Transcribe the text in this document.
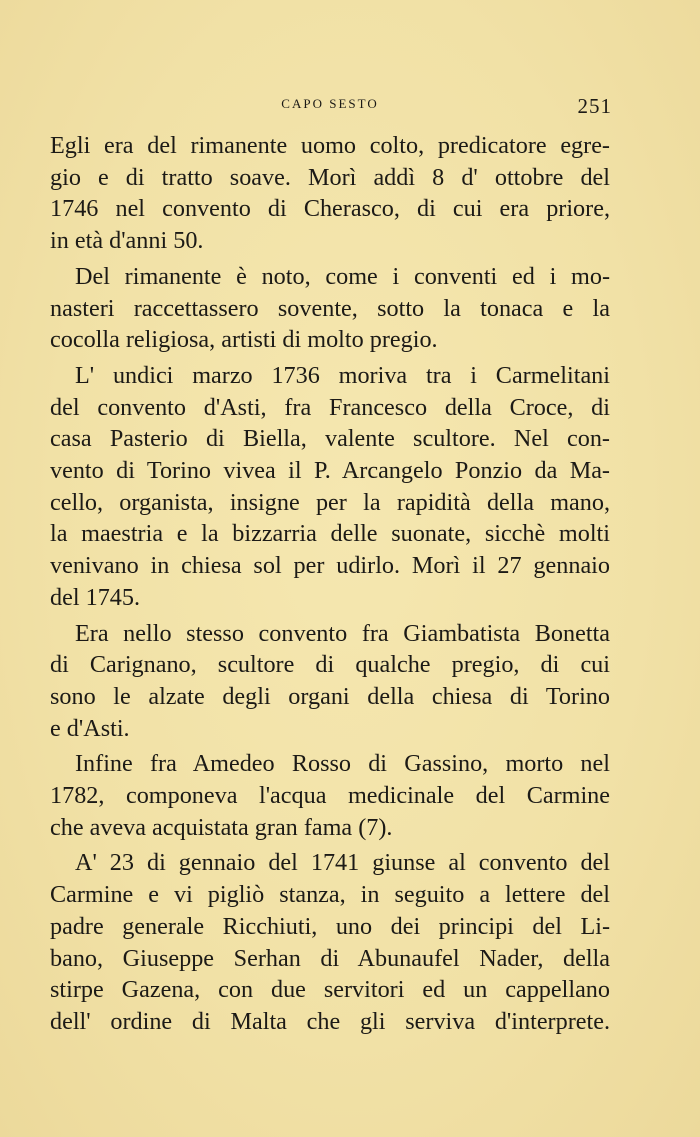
CAPO SESTO	251
Egli era del rimanente uomo colto, predicatore egre-
gio e di tratto soave. Morì addì 8 d' ottobre del
1746 nel convento di Cherasco, di cui era priore,
in età d'anni 50.
Del rimanente è noto, come i conventi ed i mo-
nasteri raccettassero sovente, sotto la tonaca e la
cocolla religiosa, artisti di molto pregio.
L' undici marzo 1736 moriva tra i Carmelitani
del convento d'Asti, fra Francesco della Croce, di
casa Pasterio di Biella, valente scultore. Nel con-
vento di Torino vivea il P. Arcangelo Ponzio da Ma-
cello, organista, insigne per la rapidità della mano,
la maestria e la bizzarria delle suonate, sicchè molti
venivano in chiesa sol per udirlo. Morì il 27 gennaio
del 1745.
Era nello stesso convento fra Giambatista Bonetta
di Carignano, scultore di qualche pregio, di cui
sono le alzate degli organi della chiesa di Torino
e d'Asti.
Infine fra Amedeo Rosso di Gassino, morto nel
1782, componeva l'acqua medicinale del Carmine
che aveva acquistata gran fama (7).
A' 23 di gennaio del 1741 giunse al convento del
Carmine e vi pigliò stanza, in seguito a lettere del
padre generale Ricchiuti, uno dei principi del Li-
bano, Giuseppe Serhan di Abunaufel Nader, della
stirpe Gazena, con due servitori ed un cappellano
dell' ordine di Malta che gli serviva d'interprete.
